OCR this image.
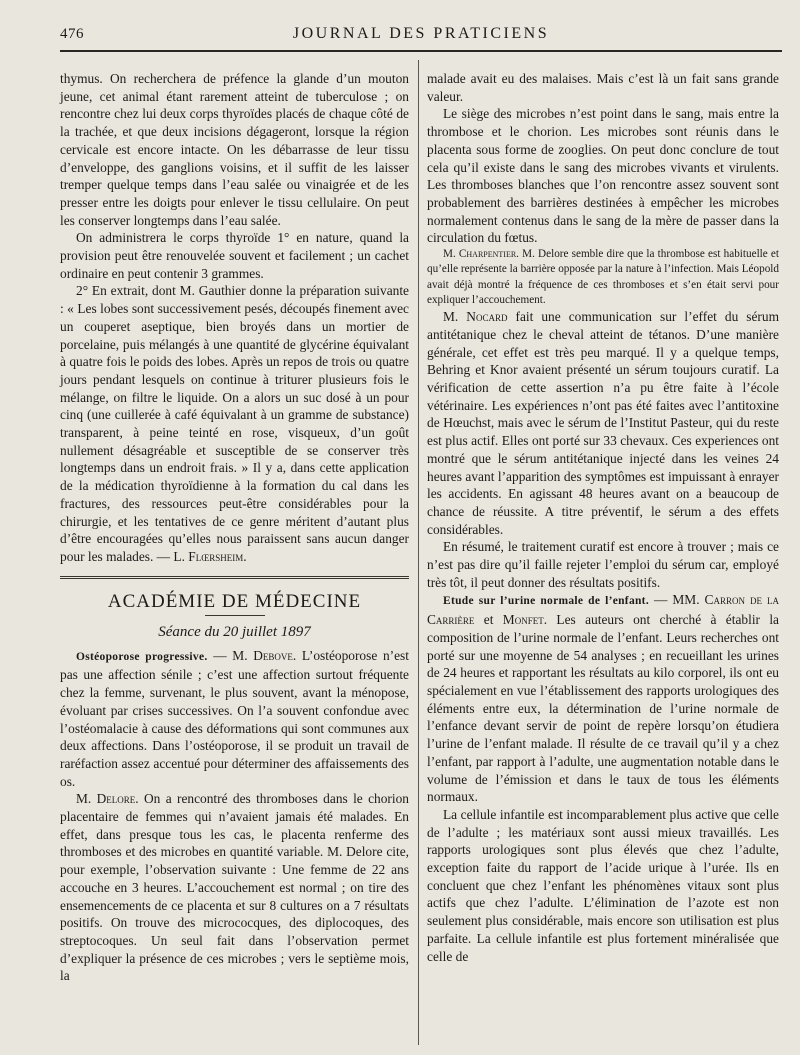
476	JOURNAL DES PRATICIENS

thymus. On recherchera de préfence la glande d’un mouton jeune, cet animal étant rarement atteint de tuberculose ; on rencontre chez lui deux corps thyroïdes placés de chaque côté de la trachée, et que deux incisions dégageront, lorsque la région cervicale est encore intacte. On les débarrasse de leur tissu d’enveloppe, des ganglions voisins, et il suffit de les laisser tremper quelque temps dans l’eau salée ou vinaigrée et de les presser entre les doigts pour enlever le tissu cellulaire. On peut les conserver longtemps dans l’eau salée.

On administrera le corps thyroïde 1° en nature, quand la provision peut être renouvelée souvent et facilement ; un cachet ordinaire en peut contenir 3 grammes.

2° En extrait, dont M. Gauthier donne la préparation suivante : « Les lobes sont successivement pesés, découpés finement avec un couperet aseptique, bien broyés dans un mortier de porcelaine, puis mélangés à une quantité de glycérine équivalant à quatre fois le poids des lobes. Après un repos de trois ou quatre jours pendant lesquels on continue à triturer plusieurs fois le mélange, on filtre le liquide. On a alors un suc dosé à un pour cinq (une cuillerée à café équivalant à un gramme de substance) transparent, à peine teinté en rose, visqueux, d’un goût nullement désagréable et susceptible de se conserver très longtemps dans un endroit frais. » Il y a, dans cette application de la médication thyroïdienne à la formation du cal dans les fractures, des ressources peut-être considérables pour la chirurgie, et les tentatives de ce genre méritent d’autant plus d’être encouragées qu’elles nous paraissent sans aucun danger pour les malades. — L. Flœrsheim.

ACADÉMIE DE MÉDECINE
Séance du 20 juillet 1897

Ostéoporose progressive. — M. Debove. L’ostéoporose n’est pas une affection sénile ; c’est une affection surtout fréquente chez la femme, survenant, le plus souvent, avant la ménopose, évoluant par crises successives. On l’a souvent confondue avec l’ostéomalacie à cause des déformations qui sont communes aux deux affections. Dans l’ostéoporose, il se produit un travail de raréfaction assez accentué pour déterminer des affaissements des os.

M. Delore. On a rencontré des thromboses dans le chorion placentaire de femmes qui n’avaient jamais été malades. En effet, dans presque tous les cas, le placenta renferme des thromboses et des microbes en quantité variable. M. Delore cite, pour exemple, l’observation suivante : Une femme de 22 ans accouche en 3 heures. L’accouchement est normal ; on tire des ensemencements de ce placenta et sur 8 cultures on a 7 résultats positifs. On trouve des micrococques, des diplocoques, des streptocoques. Un seul fait dans l’observation permet d’expliquer la présence de ces microbes ; vers le septième mois, la

malade avait eu des malaises. Mais c’est là un fait sans grande valeur.

Le siège des microbes n’est point dans le sang, mais entre la thrombose et le chorion. Les microbes sont réunis dans le placenta sous forme de zooglies. On peut donc conclure de tout cela qu’il existe dans le sang des microbes vivants et virulents. Les thromboses blanches que l’on rencontre assez souvent sont probablement des barrières destinées à empêcher les microbes normalement contenus dans le sang de la mère de passer dans la circulation du fœtus.

M. Charpentier. M. Delore semble dire que la thrombose est habituelle et qu’elle représente la barrière opposée par la nature à l’infection. Mais Léopold avait déjà montré la fréquence de ces thromboses et s’en était servi pour expliquer l’accouchement.

M. Nocard fait une communication sur l’effet du sérum antitétanique chez le cheval atteint de tétanos. D’une manière générale, cet effet est très peu marqué. Il y a quelque temps, Behring et Knor avaient présenté un sérum toujours curatif. La vérification de cette assertion n’a pu être faite à l’école vétérinaire. Les expériences n’ont pas été faites avec l’antitoxine de Hœuchst, mais avec le sérum de l’Institut Pasteur, qui du reste est plus actif. Elles ont porté sur 33 chevaux. Ces experiences ont montré que le sérum antitétanique injecté dans les veines 24 heures avant l’apparition des symptômes est impuissant à enrayer les accidents. En agissant 48 heures avant on a beaucoup de chance de réussite. A titre préventif, le sérum a des effets considérables.

En résumé, le traitement curatif est encore à trouver ; mais ce n’est pas dire qu’il faille rejeter l’emploi du sérum car, employé très tôt, il peut donner des résultats positifs.

Etude sur l’urine normale de l’enfant. — MM. Carron de la Carrière et Monfet. Les auteurs ont cherché à établir la composition de l’urine normale de l’enfant. Leurs recherches ont porté sur une moyenne de 54 analyses ; en recueillant les urines de 24 heures et rapportant les résultats au kilo corporel, ils ont eu spécialement en vue l’établissement des rapports urologiques des éléments entre eux, la détermination de l’urine normale de l’enfance devant servir de point de repère lorsqu’on étudiera l’urine de l’enfant malade. Il résulte de ce travail qu’il y a chez l’enfant, par rapport à l’adulte, une augmentation notable dans le volume de l’émission et dans le taux de tous les éléments normaux.

La cellule infantile est incomparablement plus active que celle de l’adulte ; les matériaux sont aussi mieux travaillés. Les rapports urologiques sont plus élevés que chez l’adulte, exception faite du rapport de l’acide urique à l’urée. Ils en concluent que chez l’enfant les phénomènes vitaux sont plus actifs que chez l’adulte. L’élimination de l’azote est non seulement plus considérable, mais encore son utilisation est plus parfaite. La cellule infantile est plus fortement minéralisée que celle de
